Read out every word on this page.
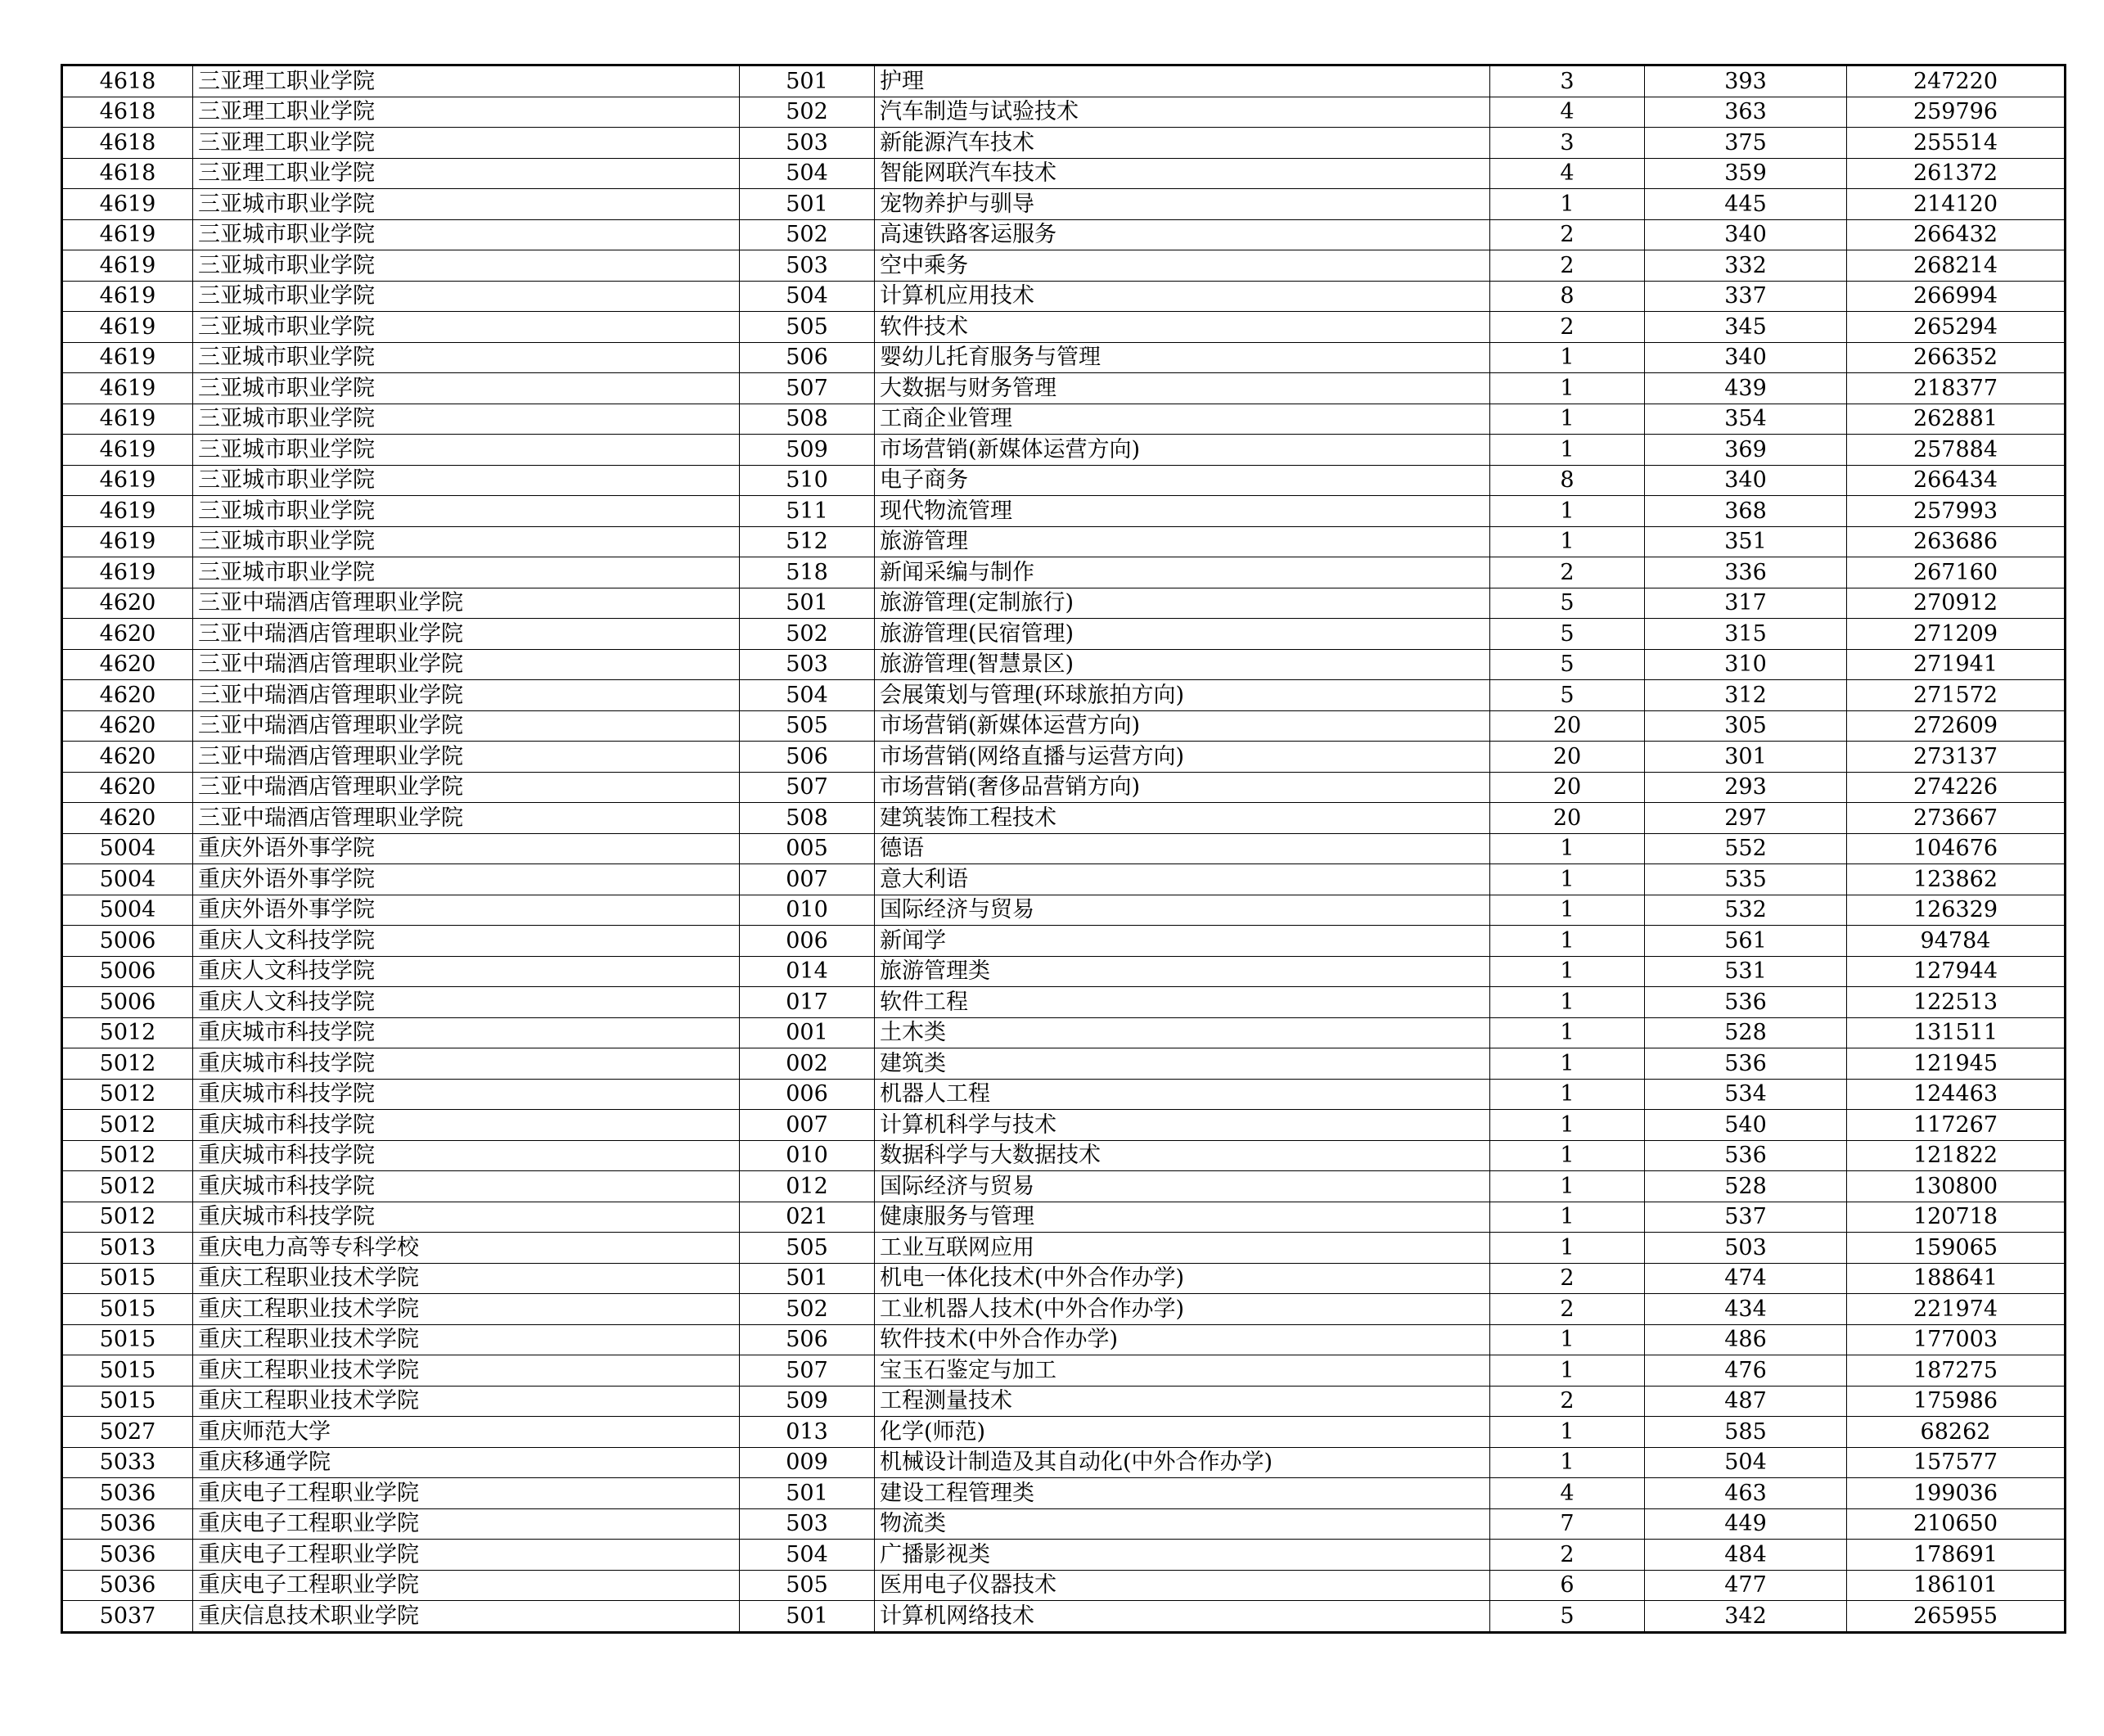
4618	三亚理工职业学院	501	护理	3	393	247220
4618	三亚理工职业学院	502	汽车制造与试验技术	4	363	259796
4618	三亚理工职业学院	503	新能源汽车技术	3	375	255514
4618	三亚理工职业学院	504	智能网联汽车技术	4	359	261372
4619	三亚城市职业学院	501	宠物养护与驯导	1	445	214120
4619	三亚城市职业学院	502	高速铁路客运服务	2	340	266432
4619	三亚城市职业学院	503	空中乘务	2	332	268214
4619	三亚城市职业学院	504	计算机应用技术	8	337	266994
4619	三亚城市职业学院	505	软件技术	2	345	265294
4619	三亚城市职业学院	506	婴幼儿托育服务与管理	1	340	266352
4619	三亚城市职业学院	507	大数据与财务管理	1	439	218377
4619	三亚城市职业学院	508	工商企业管理	1	354	262881
4619	三亚城市职业学院	509	市场营销(新媒体运营方向)	1	369	257884
4619	三亚城市职业学院	510	电子商务	8	340	266434
4619	三亚城市职业学院	511	现代物流管理	1	368	257993
4619	三亚城市职业学院	512	旅游管理	1	351	263686
4619	三亚城市职业学院	518	新闻采编与制作	2	336	267160
4620	三亚中瑞酒店管理职业学院	501	旅游管理(定制旅行)	5	317	270912
4620	三亚中瑞酒店管理职业学院	502	旅游管理(民宿管理)	5	315	271209
4620	三亚中瑞酒店管理职业学院	503	旅游管理(智慧景区)	5	310	271941
4620	三亚中瑞酒店管理职业学院	504	会展策划与管理(环球旅拍方向)	5	312	271572
4620	三亚中瑞酒店管理职业学院	505	市场营销(新媒体运营方向)	20	305	272609
4620	三亚中瑞酒店管理职业学院	506	市场营销(网络直播与运营方向)	20	301	273137
4620	三亚中瑞酒店管理职业学院	507	市场营销(奢侈品营销方向)	20	293	274226
4620	三亚中瑞酒店管理职业学院	508	建筑装饰工程技术	20	297	273667
5004	重庆外语外事学院	005	德语	1	552	104676
5004	重庆外语外事学院	007	意大利语	1	535	123862
5004	重庆外语外事学院	010	国际经济与贸易	1	532	126329
5006	重庆人文科技学院	006	新闻学	1	561	94784
5006	重庆人文科技学院	014	旅游管理类	1	531	127944
5006	重庆人文科技学院	017	软件工程	1	536	122513
5012	重庆城市科技学院	001	土木类	1	528	131511
5012	重庆城市科技学院	002	建筑类	1	536	121945
5012	重庆城市科技学院	006	机器人工程	1	534	124463
5012	重庆城市科技学院	007	计算机科学与技术	1	540	117267
5012	重庆城市科技学院	010	数据科学与大数据技术	1	536	121822
5012	重庆城市科技学院	012	国际经济与贸易	1	528	130800
5012	重庆城市科技学院	021	健康服务与管理	1	537	120718
5013	重庆电力高等专科学校	505	工业互联网应用	1	503	159065
5015	重庆工程职业技术学院	501	机电一体化技术(中外合作办学)	2	474	188641
5015	重庆工程职业技术学院	502	工业机器人技术(中外合作办学)	2	434	221974
5015	重庆工程职业技术学院	506	软件技术(中外合作办学)	1	486	177003
5015	重庆工程职业技术学院	507	宝玉石鉴定与加工	1	476	187275
5015	重庆工程职业技术学院	509	工程测量技术	2	487	175986
5027	重庆师范大学	013	化学(师范)	1	585	68262
5033	重庆移通学院	009	机械设计制造及其自动化(中外合作办学)	1	504	157577
5036	重庆电子工程职业学院	501	建设工程管理类	4	463	199036
5036	重庆电子工程职业学院	503	物流类	7	449	210650
5036	重庆电子工程职业学院	504	广播影视类	2	484	178691
5036	重庆电子工程职业学院	505	医用电子仪器技术	6	477	186101
5037	重庆信息技术职业学院	501	计算机网络技术	5	342	265955
